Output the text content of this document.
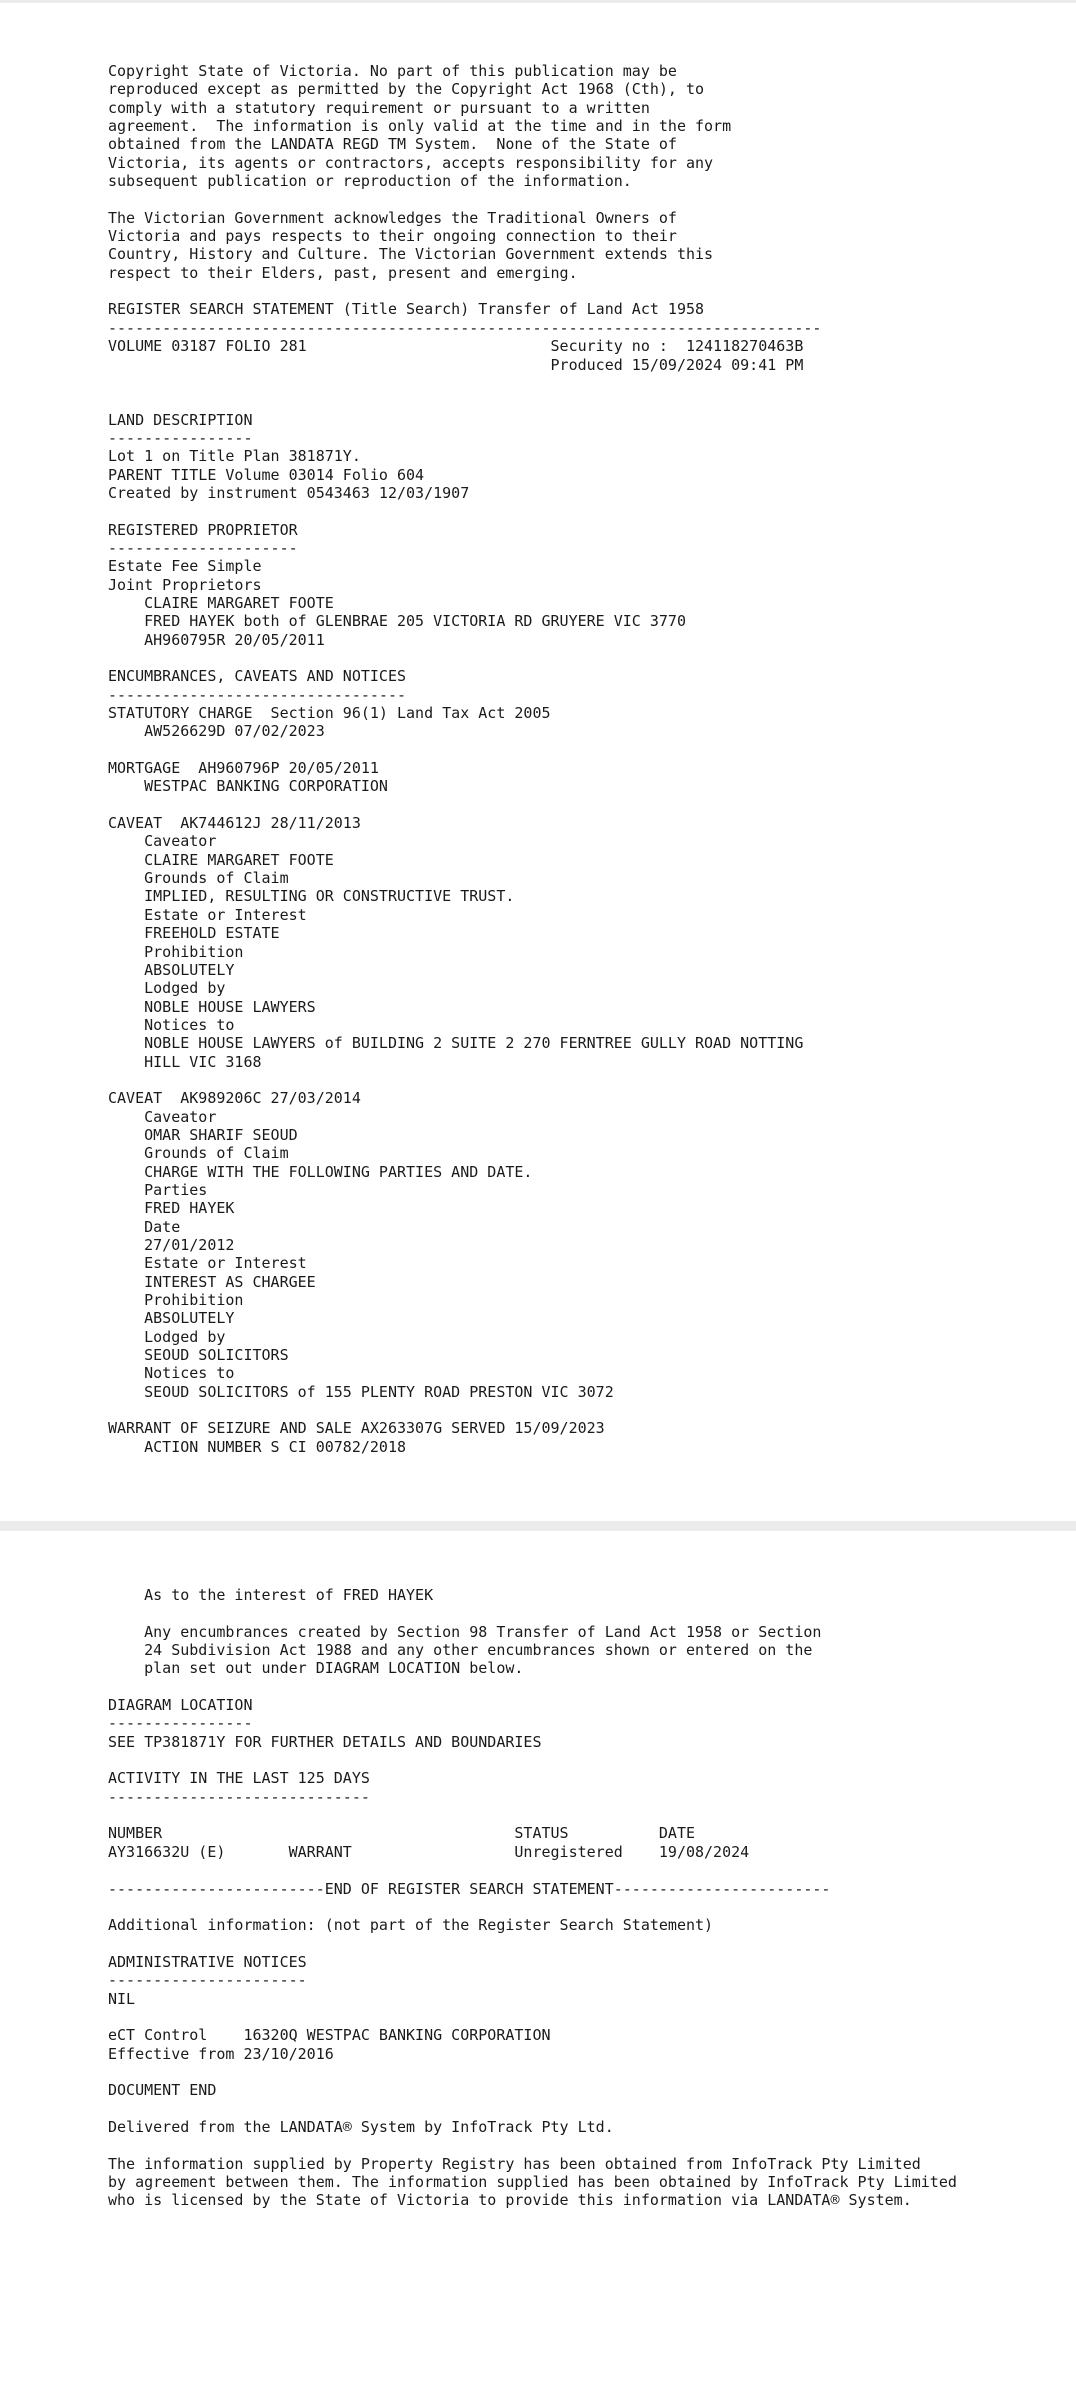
Copyright State of Victoria. No part of this publication may be
reproduced except as permitted by the Copyright Act 1968 (Cth), to
comply with a statutory requirement or pursuant to a written
agreement.  The information is only valid at the time and in the form
obtained from the LANDATA REGD TM System.  None of the State of
Victoria, its agents or contractors, accepts responsibility for any
subsequent publication or reproduction of the information.

The Victorian Government acknowledges the Traditional Owners of
Victoria and pays respects to their ongoing connection to their
Country, History and Culture. The Victorian Government extends this
respect to their Elders, past, present and emerging.

REGISTER SEARCH STATEMENT (Title Search) Transfer of Land Act 1958
-------------------------------------------------------------------------------
VOLUME 03187 FOLIO 281                           Security no :  124118270463B
Produced 15/09/2024 09:41 PM

LAND DESCRIPTION
----------------
Lot 1 on Title Plan 381871Y.
PARENT TITLE Volume 03014 Folio 604
Created by instrument 0543463 12/03/1907

REGISTERED PROPRIETOR
---------------------
Estate Fee Simple
Joint Proprietors
CLAIRE MARGARET FOOTE
FRED HAYEK both of GLENBRAE 205 VICTORIA RD GRUYERE VIC 3770
AH960795R 20/05/2011

ENCUMBRANCES, CAVEATS AND NOTICES
---------------------------------
STATUTORY CHARGE  Section 96(1) Land Tax Act 2005
AW526629D 07/02/2023

MORTGAGE  AH960796P 20/05/2011
WESTPAC BANKING CORPORATION

CAVEAT  AK744612J 28/11/2013
Caveator
CLAIRE MARGARET FOOTE
Grounds of Claim
IMPLIED, RESULTING OR CONSTRUCTIVE TRUST.
Estate or Interest
FREEHOLD ESTATE
Prohibition
ABSOLUTELY
Lodged by
NOBLE HOUSE LAWYERS
Notices to
NOBLE HOUSE LAWYERS of BUILDING 2 SUITE 2 270 FERNTREE GULLY ROAD NOTTING
HILL VIC 3168

CAVEAT  AK989206C 27/03/2014
Caveator
OMAR SHARIF SEOUD
Grounds of Claim
CHARGE WITH THE FOLLOWING PARTIES AND DATE.
Parties
FRED HAYEK
Date
27/01/2012
Estate or Interest
INTEREST AS CHARGEE
Prohibition
ABSOLUTELY
Lodged by
SEOUD SOLICITORS
Notices to
SEOUD SOLICITORS of 155 PLENTY ROAD PRESTON VIC 3072

WARRANT OF SEIZURE AND SALE AX263307G SERVED 15/09/2023
ACTION NUMBER S CI 00782/2018
As to the interest of FRED HAYEK

Any encumbrances created by Section 98 Transfer of Land Act 1958 or Section
24 Subdivision Act 1988 and any other encumbrances shown or entered on the
plan set out under DIAGRAM LOCATION below.

DIAGRAM LOCATION
----------------
SEE TP381871Y FOR FURTHER DETAILS AND BOUNDARIES

ACTIVITY IN THE LAST 125 DAYS
-----------------------------

NUMBER                                       STATUS          DATE
AY316632U (E)       WARRANT                  Unregistered    19/08/2024

------------------------END OF REGISTER SEARCH STATEMENT------------------------

Additional information: (not part of the Register Search Statement)

ADMINISTRATIVE NOTICES
----------------------
NIL

eCT Control    16320Q WESTPAC BANKING CORPORATION
Effective from 23/10/2016

DOCUMENT END

Delivered from the LANDATA® System by InfoTrack Pty Ltd.

The information supplied by Property Registry has been obtained from InfoTrack Pty Limited
by agreement between them. The information supplied has been obtained by InfoTrack Pty Limited
who is licensed by the State of Victoria to provide this information via LANDATA® System.
